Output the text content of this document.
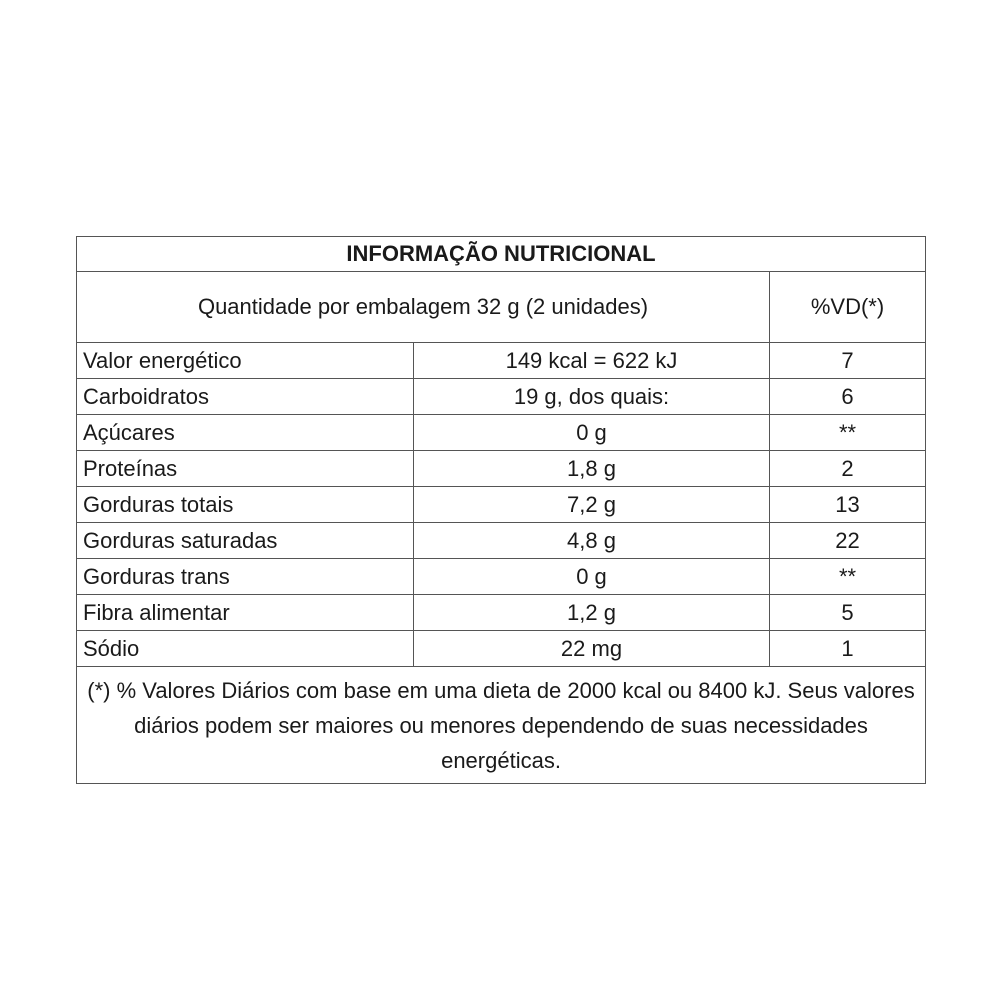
INFORMAÇÃO NUTRICIONAL		
Quantidade por embalagem 32 g (2 unidades)		%VD(*)
Valor energético	149 kcal = 622 kJ	7
Carboidratos	19 g, dos quais:	6
Açúcares	0 g	**
Proteínas	1,8 g	2
Gorduras totais	7,2 g	13
Gorduras saturadas	4,8 g	22
Gorduras trans	0 g	**
Fibra alimentar	1,2 g	5
Sódio	22 mg	1
(*) % Valores Diários com base em uma dieta de 2000 kcal ou 8400 kJ. Seus valores diários podem ser maiores ou menores dependendo de suas necessidades energéticas.		
